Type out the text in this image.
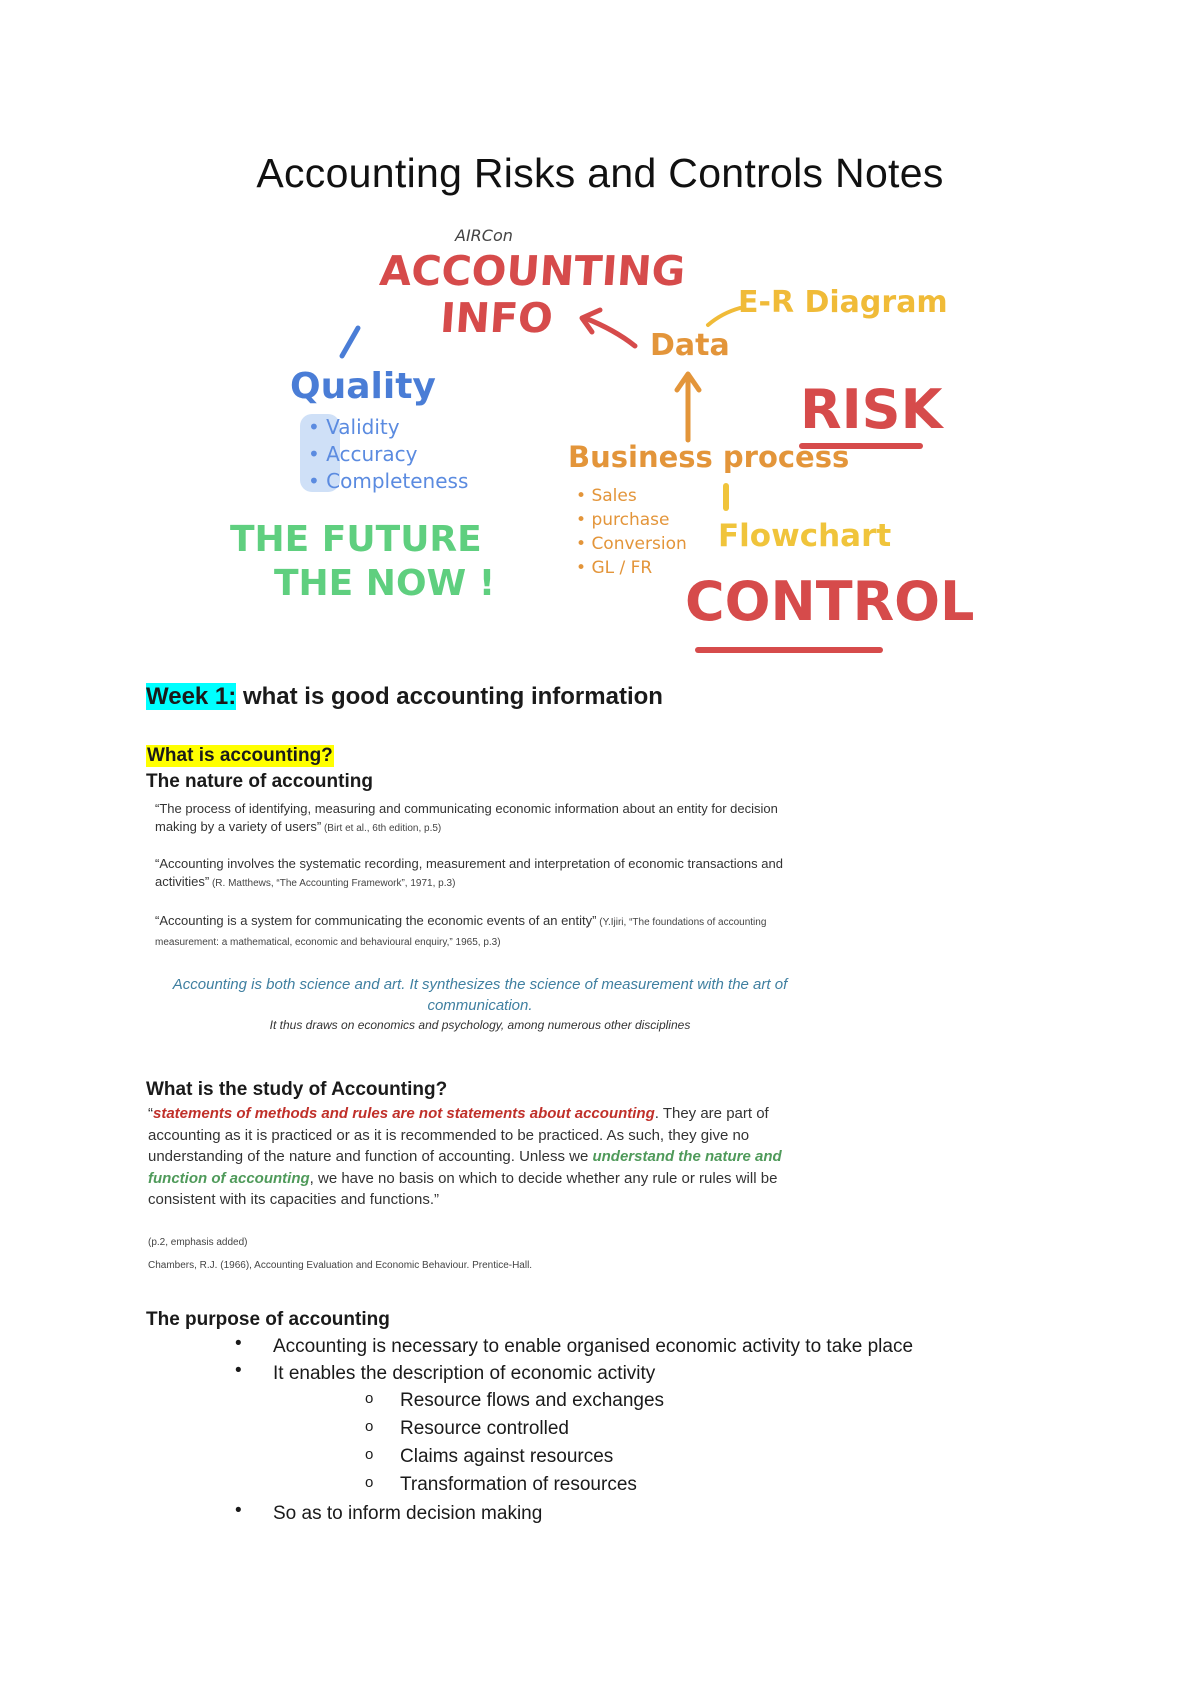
Accounting Risks and Controls Notes
AIRCon
ACCOUNTING
INFO
Data
E-R Diagram
RISK
Quality
• Validity
• Accuracy
• Completeness
Business process
• Sales
• purchase
• Conversion
• GL / FR
Flowchart
CONTROL
THE FUTURE
THE NOW !
Week 1: what is good accounting information
What is accounting?
The nature of accounting
“The process of identifying, measuring and communicating economic information about an entity for decision making by a variety of users” (Birt et al., 6th edition, p.5)
“Accounting involves the systematic recording, measurement and interpretation of economic transactions and activities” (R. Matthews, “The Accounting Framework”, 1971, p.3)
“Accounting is a system for communicating the economic events of an entity” (Y.Ijiri, “The foundations of accounting measurement: a mathematical, economic and behavioural enquiry,” 1965, p.3)
Accounting is both science and art. It synthesizes the science of measurement with the art of communication.
It thus draws on economics and psychology, among numerous other disciplines
What is the study of Accounting?
“statements of methods and rules are not statements about accounting. They are part of accounting as it is practiced or as it is recommended to be practiced. As such, they give no understanding of the nature and function of accounting. Unless we understand the nature and function of accounting, we have no basis on which to decide whether any rule or rules will be consistent with its capacities and functions.”
(p.2, emphasis added)
Chambers, R.J. (1966), Accounting Evaluation and Economic Behaviour. Prentice-Hall.
The purpose of accounting
• Accounting is necessary to enable organised economic activity to take place
• It enables the description of economic activity
o Resource flows and exchanges
o Resource controlled
o Claims against resources
o Transformation of resources
• So as to inform decision making
